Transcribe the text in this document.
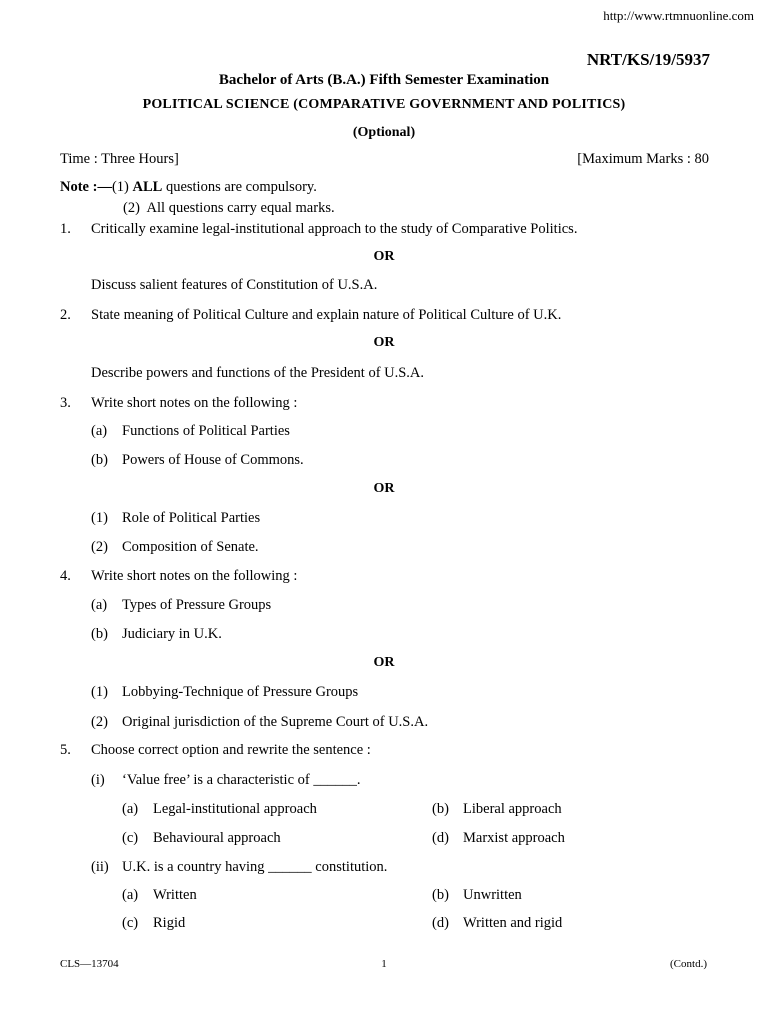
http://www.rtmnuonline.com
NRT/KS/19/5937
Bachelor of Arts (B.A.) Fifth Semester Examination
POLITICAL SCIENCE (COMPARATIVE GOVERNMENT AND POLITICS)
(Optional)
Time : Three Hours]	[Maximum Marks : 80
Note :—(1) ALL questions are compulsory.
(2) All questions carry equal marks.
1. Critically examine legal-institutional approach to the study of Comparative Politics.
OR
Discuss salient features of Constitution of U.S.A.
2. State meaning of Political Culture and explain nature of Political Culture of U.K.
OR
Describe powers and functions of the President of U.S.A.
3. Write short notes on the following :
(a) Functions of Political Parties
(b) Powers of House of Commons.
OR
(1) Role of Political Parties
(2) Composition of Senate.
4. Write short notes on the following :
(a) Types of Pressure Groups
(b) Judiciary in U.K.
OR
(1) Lobbying-Technique of Pressure Groups
(2) Original jurisdiction of the Supreme Court of U.S.A.
5. Choose correct option and rewrite the sentence :
(i) ‘Value free’ is a characteristic of ______.
(a) Legal-institutional approach	(b) Liberal approach
(c) Behavioural approach	(d) Marxist approach
(ii) U.K. is a country having ______ constitution.
(a) Written	(b) Unwritten
(c) Rigid	(d) Written and rigid
CLS—13704	1	(Contd.)
